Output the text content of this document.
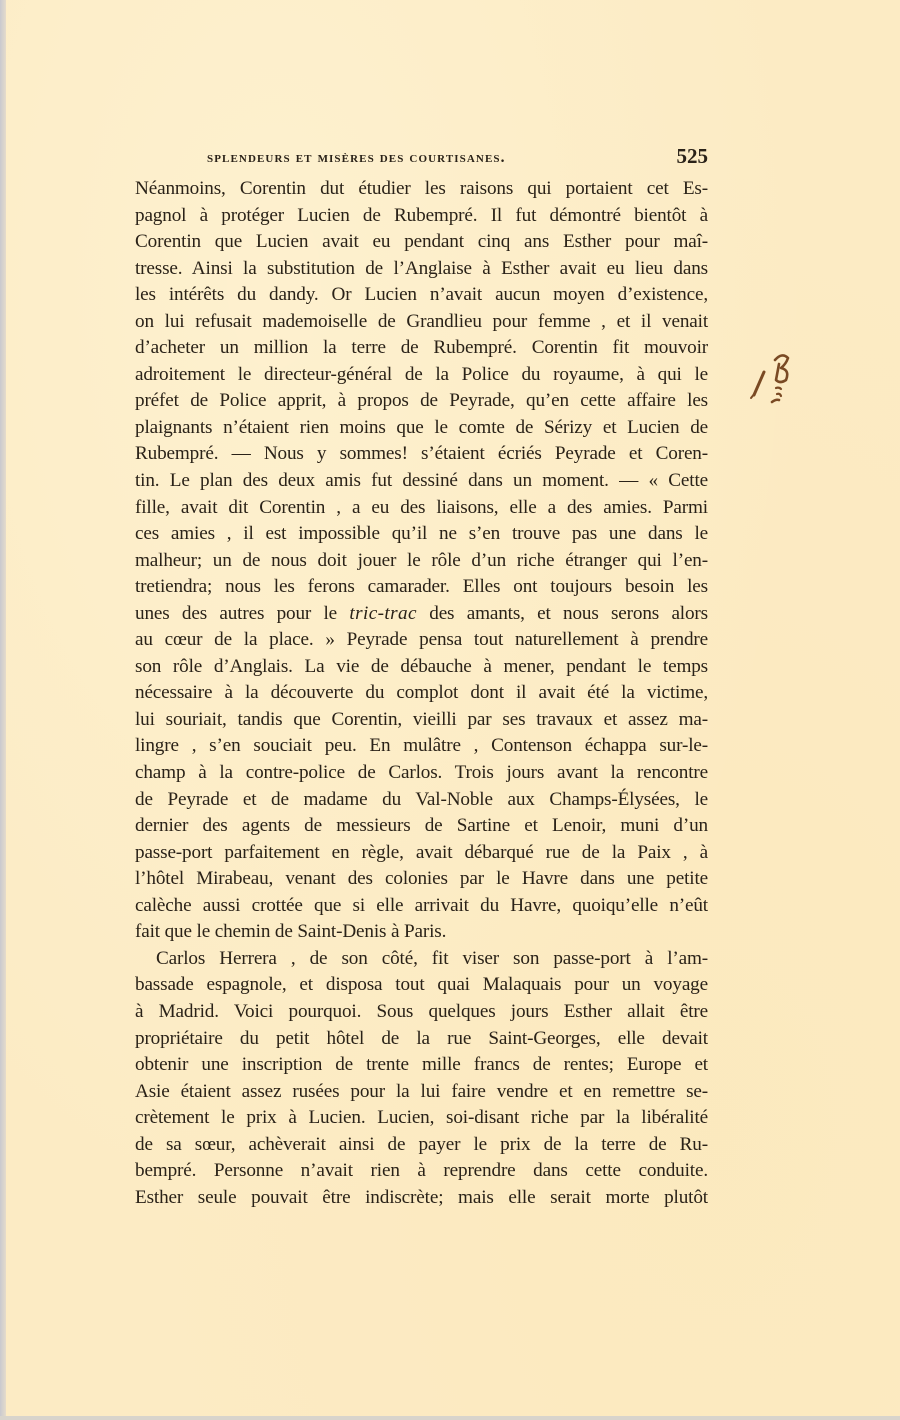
splendeurs et misères des courtisanes.	525
Néanmoins, Corentin dut étudier les raisons qui portaient cet Es-
pagnol à protéger Lucien de Rubempré. Il fut démontré bientôt à
Corentin que Lucien avait eu pendant cinq ans Esther pour maî-
tresse. Ainsi la substitution de l’Anglaise à Esther avait eu lieu dans
les intérêts du dandy. Or Lucien n’avait aucun moyen d’existence,
on lui refusait mademoiselle de Grandlieu pour femme , et il venait
d’acheter un million la terre de Rubempré. Corentin fit mouvoir
adroitement le directeur-général de la Police du royaume, à qui le
préfet de Police apprit, à propos de Peyrade, qu’en cette affaire les
plaignants n’étaient rien moins que le comte de Sérizy et Lucien de
Rubempré. — Nous y sommes! s’étaient écriés Peyrade et Coren-
tin. Le plan des deux amis fut dessiné dans un moment. — « Cette
fille, avait dit Corentin , a eu des liaisons, elle a des amies. Parmi
ces amies , il est impossible qu’il ne s’en trouve pas une dans le
malheur; un de nous doit jouer le rôle d’un riche étranger qui l’en-
tretiendra; nous les ferons camarader. Elles ont toujours besoin les
unes des autres pour le tric-trac des amants, et nous serons alors
au cœur de la place. » Peyrade pensa tout naturellement à prendre
son rôle d’Anglais. La vie de débauche à mener, pendant le temps
nécessaire à la découverte du complot dont il avait été la victime,
lui souriait, tandis que Corentin, vieilli par ses travaux et assez ma-
lingre , s’en souciait peu. En mulâtre , Contenson échappa sur-le-
champ à la contre-police de Carlos. Trois jours avant la rencontre
de Peyrade et de madame du Val-Noble aux Champs-Élysées, le
dernier des agents de messieurs de Sartine et Lenoir, muni d’un
passe-port parfaitement en règle, avait débarqué rue de la Paix , à
l’hôtel Mirabeau, venant des colonies par le Havre dans une petite
calèche aussi crottée que si elle arrivait du Havre, quoiqu’elle n’eût
fait que le chemin de Saint-Denis à Paris.
Carlos Herrera , de son côté, fit viser son passe-port à l’am-
bassade espagnole, et disposa tout quai Malaquais pour un voyage
à Madrid. Voici pourquoi. Sous quelques jours Esther allait être
propriétaire du petit hôtel de la rue Saint-Georges, elle devait
obtenir une inscription de trente mille francs de rentes; Europe et
Asie étaient assez rusées pour la lui faire vendre et en remettre se-
crètement le prix à Lucien. Lucien, soi-disant riche par la libéralité
de sa sœur, achèverait ainsi de payer le prix de la terre de Ru-
bempré. Personne n’avait rien à reprendre dans cette conduite.
Esther seule pouvait être indiscrète; mais elle serait morte plutôt
